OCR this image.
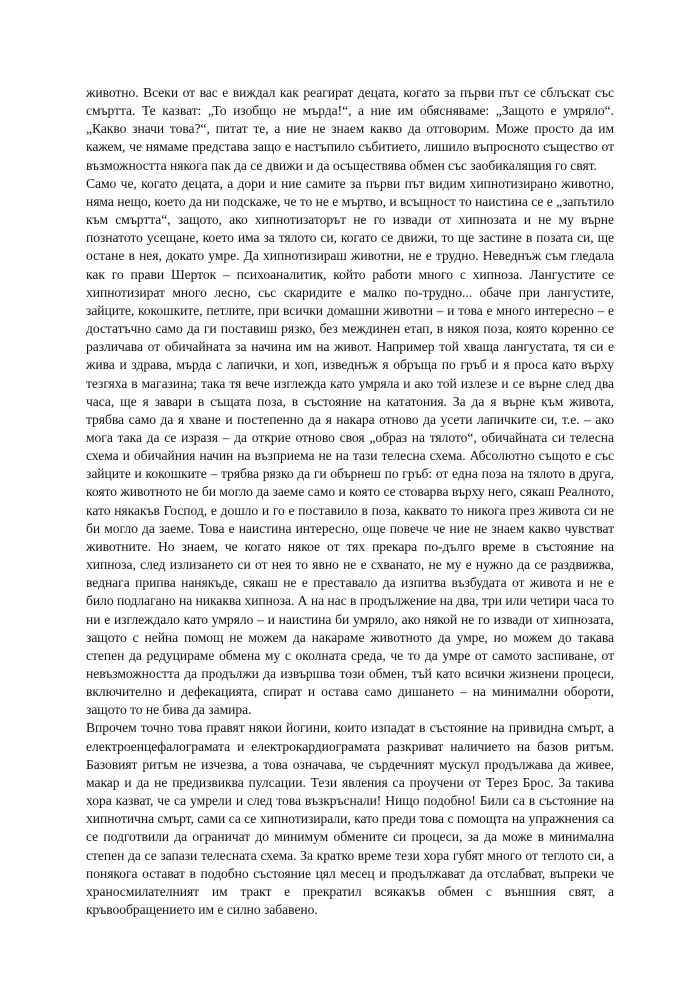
животно. Всеки от вас е виждал как реагират децата, когато за първи път се сблъскат със смъртта. Те казват: „То изобщо не мърда!“, а ние им обясняваме: „Защото е умряло“. „Какво значи това?“, питат те, а ние не знаем какво да отговорим. Може просто да им кажем, че нямаме представа защо е настъпило събитието, лишило въпросното същество от възможността някога пак да се движи и да осъществява обмен със заобикалящия го свят.

Само че, когато децата, а дори и ние самите за първи път видим хипнотизирано животно, няма нещо, което да ни подскаже, че то не е мъртво, и всъщност то наистина се е „запътило към смъртта“, защото, ако хипнотизаторът не го извади от хипнозата и не му върне познатото усещане, което има за тялото си, когато се движи, то ще застине в позата си, ще остане в нея, докато умре. Да хипнотизираш животни, не е трудно. Неведнъж съм гледала как го прави Шерток – психоаналитик, който работи много с хипноза. Лангустите се хипнотизират много лесно, сьс скаридите е малко по-трудно... обаче при лангустите, зайците, кокошките, петлите, при всички домашни животни – и това е много интересно – е достатъчно само да ги поставиш рязко, без междинен етап, в някоя поза, която коренно се различава от обичайната за начина им на живот. Например той хваща лангустата, тя си е жива и здрава, мърда с лапички, и хоп, изведнъж я обръща по гръб и я проса като върху тезгяха в магазина; така тя вече изглежда като умряла и ако той излезе и се върне след два часа, ще я завари в същата поза, в състояние на кататония. За да я върне към живота, трябва само да я хване и постепенно да я накара отново да усети лапичките си, т.е. – ако мога така да се изразя – да открие отново своя „образ на тялото“, обичайната си телесна схема и обичайния начин на възприема не на тази телесна схема. Абсолютно същото е със зайците и кокошките – трябва рязко да ги обърнеш по гръб: от една поза на тялото в друга, която животното не би могло да заеме само и която се стоварва върху него, сякаш Реалното, като някакъв Господ, е дошло и го е поставило в поза, каквато то никога през живота си не би могло да заеме. Това е наистина интересно, още повече че ние не знаем какво чувстват животните. Но знаем, че когато някое от тях прекара по-дълго време в състояние на хипноза, след излизането си от нея то явно не е схванато, не му е нужно да се раздвижва, веднага припва нанякъде, сякаш не е преставало да изпитва възбудата от живота и не е било подлагано на никаква хипноза. А на нас в продължение на два, три или четири часа то ни е изглеждало като умряло – и наистина би умряло, ако някой не го извади от хипнозата, защото с нейна помощ не можем да накараме животното да умре, но можем до такава степен да редуцираме обмена му с околната среда, че то да умре от самото заспиване, от невъзможността да продължи да извършва този обмен, тъй като всички жизнени процеси, включително и дефекацията, спират и остава само дишането – на минимални обороти, защото то не бива да замира.

Впрочем точно това правят някои йогини, които изпадат в състояние на привидна смърт, а електроенцефалограмата и електрокардиограмата разкриват наличието на базов ритъм. Базовият ритъм не изчезва, а това означава, че сърдечният мускул продължава да живее, макар и да не предизвиква пулсации. Тези явления са проучени от Терез Брос. За такива хора казват, че са умрели и след това възкръснали! Нищо подобно! Били са в състояние на хипнотична смърт, сами са се хипнотизирали, като преди това с помощта на упражнения са се подготвили да ограничат до минимум обмените си процеси, за да може в минимална степен да се запази телесната схема. За кратко време тези хора губят много от теглото си, а понякога остават в подобно състояние цял месец и продължават да отслабват, въпреки че храносмилателният им тракт е прекратил всякакъв обмен с външния свят, а кръвообращението им е силно забавено.
